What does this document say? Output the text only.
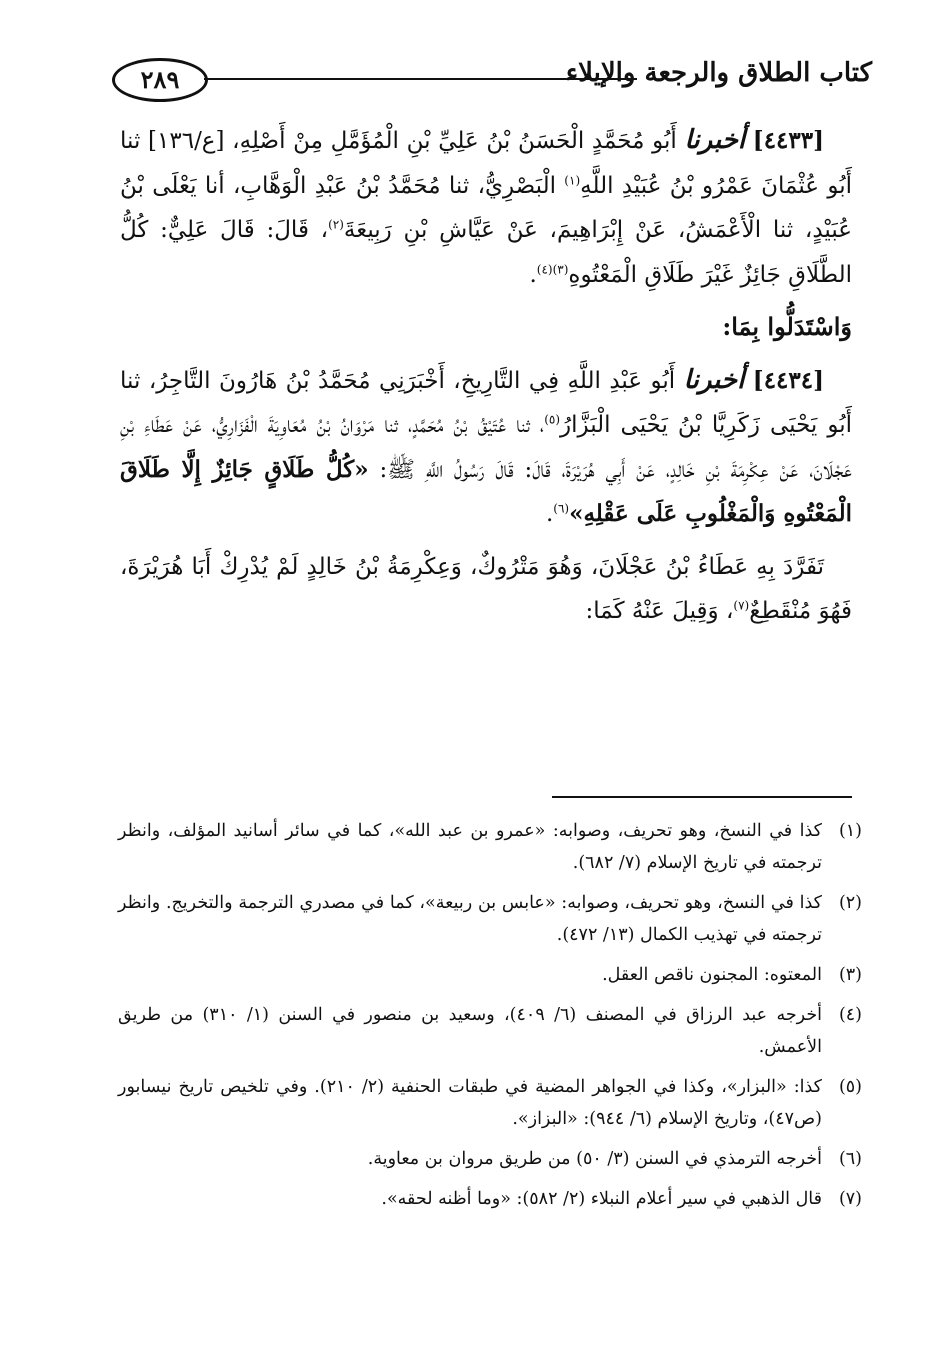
٢٨٩	كتاب الطلاق والرجعة والإيلاء

[٤٤٣٣] أخبرنا أَبُو مُحَمَّدٍ الْحَسَنُ بْنُ عَلِيِّ بْنِ الْمُؤَمَّلِ مِنْ أَصْلِهِ، [ع/١٣٦] ثنا أَبُو عُثْمَانَ عَمْرُو بْنُ عُبَيْدِ اللَّهِ$^{(١)}$ الْبَصْرِيُّ، ثنا مُحَمَّدُ بْنُ عَبْدِ الْوَهَّابِ، أنا يَعْلَى بْنُ عُبَيْدٍ، ثنا الْأَعْمَشُ، عَنْ إِبْرَاهِيمَ، عَنْ عَيَّاشِ بْنِ رَبِيعَةَ$^{(٢)}$، قَالَ: قَالَ عَلِيٌّ: كُلُّ الطَّلَاقِ جَائِزٌ غَيْرَ طَلَاقِ الْمَعْتُوهِ$^{(٣)(٤)}$.

وَاسْتَدَلُّوا بِمَا:

[٤٤٣٤] أخبرنا أَبُو عَبْدِ اللَّهِ فِي التَّارِيخِ، أَخْبَرَنِي مُحَمَّدُ بْنُ هَارُونَ التَّاجِرُ، ثنا أَبُو يَحْيَى زَكَرِيَّا بْنُ يَحْيَى الْبَزَّارُ$^{(٥)}$، ثنا عُتَيْقُ بْنُ مُحَمَّدٍ، ثنا مَرْوَانُ بْنُ مُعَاوِيَةَ الْفَزَارِيُّ، عَنْ عَطَاءِ بْنِ عَجْلَانَ، عَنْ عِكْرِمَةَ بْنِ خَالِدٍ، عَنْ أَبِي هُرَيْرَةَ، قَالَ: قَالَ رَسُولُ اللَّهِ ﷺ: «كُلُّ طَلَاقٍ جَائِزٌ إِلَّا طَلَاقَ الْمَعْتُوهِ وَالْمَغْلُوبِ عَلَى عَقْلِهِ»$^{(٦)}$.

تَفَرَّدَ بِهِ عَطَاءُ بْنُ عَجْلَانَ، وَهُوَ مَتْرُوكٌ، وَعِكْرِمَةُ بْنُ خَالِدٍ لَمْ يُدْرِكْ أَبَا هُرَيْرَةَ، فَهُوَ مُنْقَطِعٌ$^{(٧)}$، وَقِيلَ عَنْهُ كَمَا:

(١)
كذا في النسخ، وهو تحريف، وصوابه: «عمرو بن عبد الله»، كما في سائر أسانيد المؤلف، وانظر ترجمته في تاريخ الإسلام (٧/ ٦٨٢).
(٢)
كذا في النسخ، وهو تحريف، وصوابه: «عابس بن ربيعة»، كما في مصدري الترجمة والتخريج. وانظر ترجمته في تهذيب الكمال (١٣/ ٤٧٢).
(٣)
المعتوه: المجنون ناقص العقل.
(٤)
أخرجه عبد الرزاق في المصنف (٦/ ٤٠٩)، وسعيد بن منصور في السنن (١/ ٣١٠) من طريق الأعمش.
(٥)
كذا: «البزار»، وكذا في الجواهر المضية في طبقات الحنفية (٢/ ٢١٠). وفي تلخيص تاريخ نيسابور (ص٤٧)، وتاريخ الإسلام (٦/ ٩٤٤): «البزاز».
(٦)
أخرجه الترمذي في السنن (٣/ ٥٠) من طريق مروان بن معاوية.
(٧)
قال الذهبي في سير أعلام النبلاء (٢/ ٥٨٢): «وما أظنه لحقه».
